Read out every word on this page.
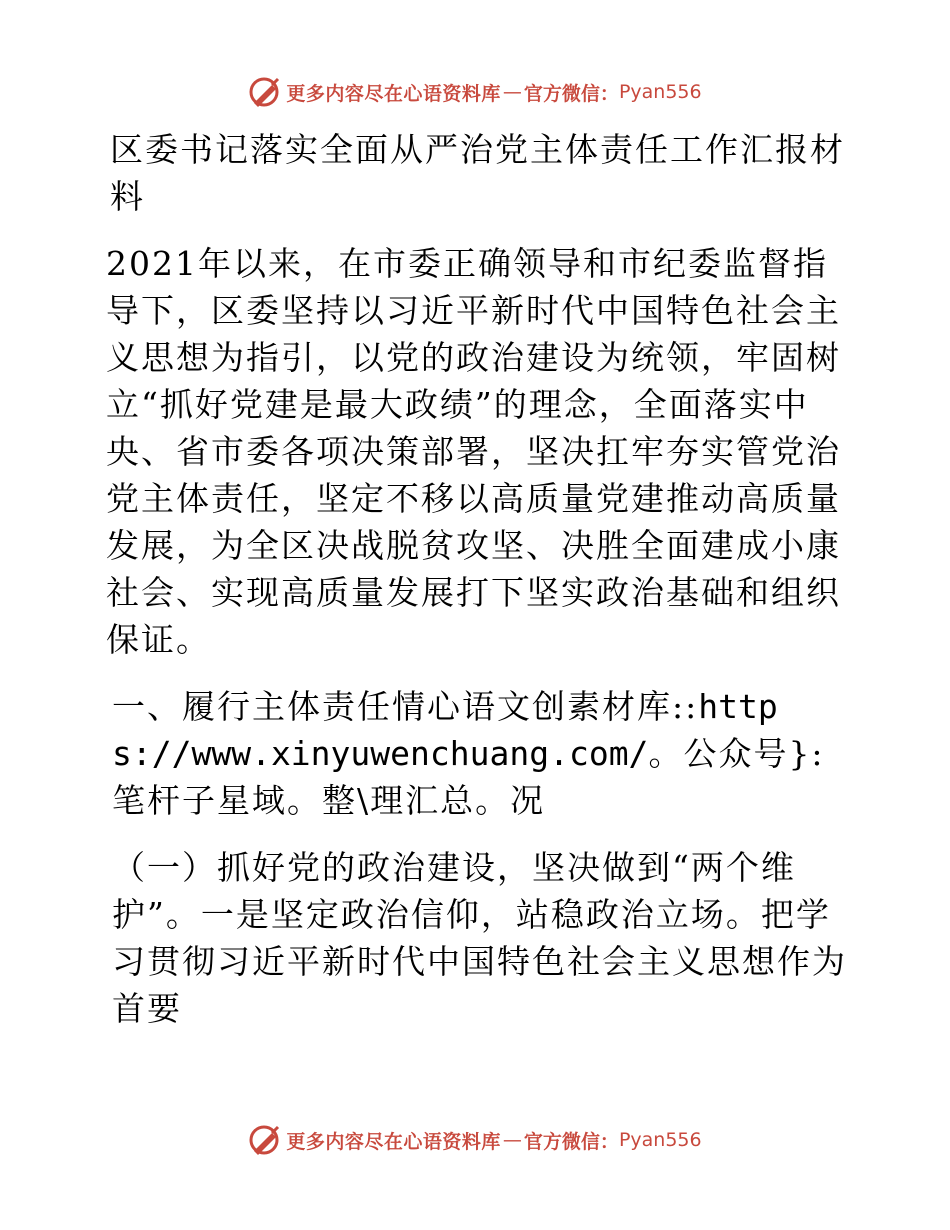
更多内容尽在心语资料库 — 官方微信： Pyan556

区委书记落实全面从严治党主体责任工作汇报材料

2021年以来，在市委正确领导和市纪委监督指导下，区委坚持以习近平新时代中国特色社会主义思想为指引，以党的政治建设为统领，牢固树立“抓好党建是最大政绩”的理念，全面落实中央、省市委各项决策部署，坚决扛牢夯实管党治党主体责任，坚定不移以高质量党建推动高质量发展，为全区决战脱贫攻坚、决胜全面建成小康社会、实现高质量发展打下坚实政治基础和组织保证。

一、履行主体责任情心语文创素材库::https://www.xinyuwenchuang.com/。公众号}: 笔杆子星域。整\理汇总。况

（一）抓好党的政治建设，坚决做到“两个维护”。一是坚定政治信仰，站稳政治立场。把学习贯彻习近平新时代中国特色社会主义思想作为首要

更多内容尽在心语资料库 — 官方微信： Pyan556
